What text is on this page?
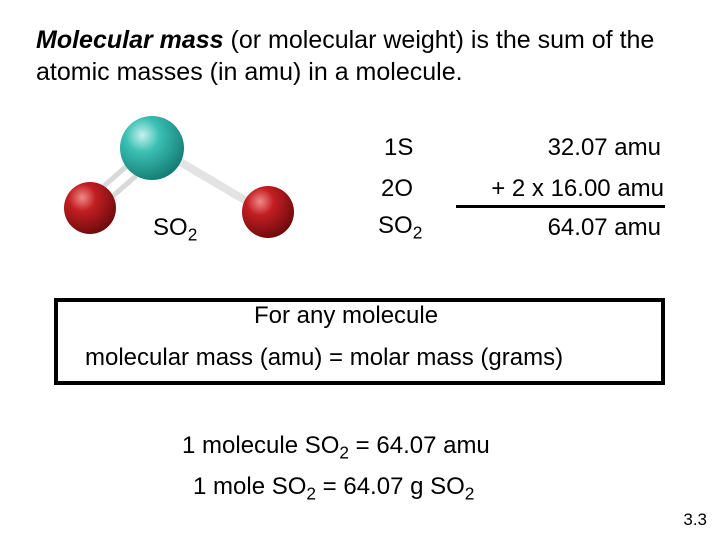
Molecular mass (or molecular weight) is the sum of the atomic masses (in amu) in a molecule.
$SO_2$
1S	32.07 amu
2O	+ 2 x 16.00 amu
$SO_2$	64.07 amu
For any molecule
molecular mass (amu) = molar mass (grams)
1 molecule $SO_2 = 64.07$ amu
1 mole $SO_2 = 64.07$ g $SO_2$
3.3
